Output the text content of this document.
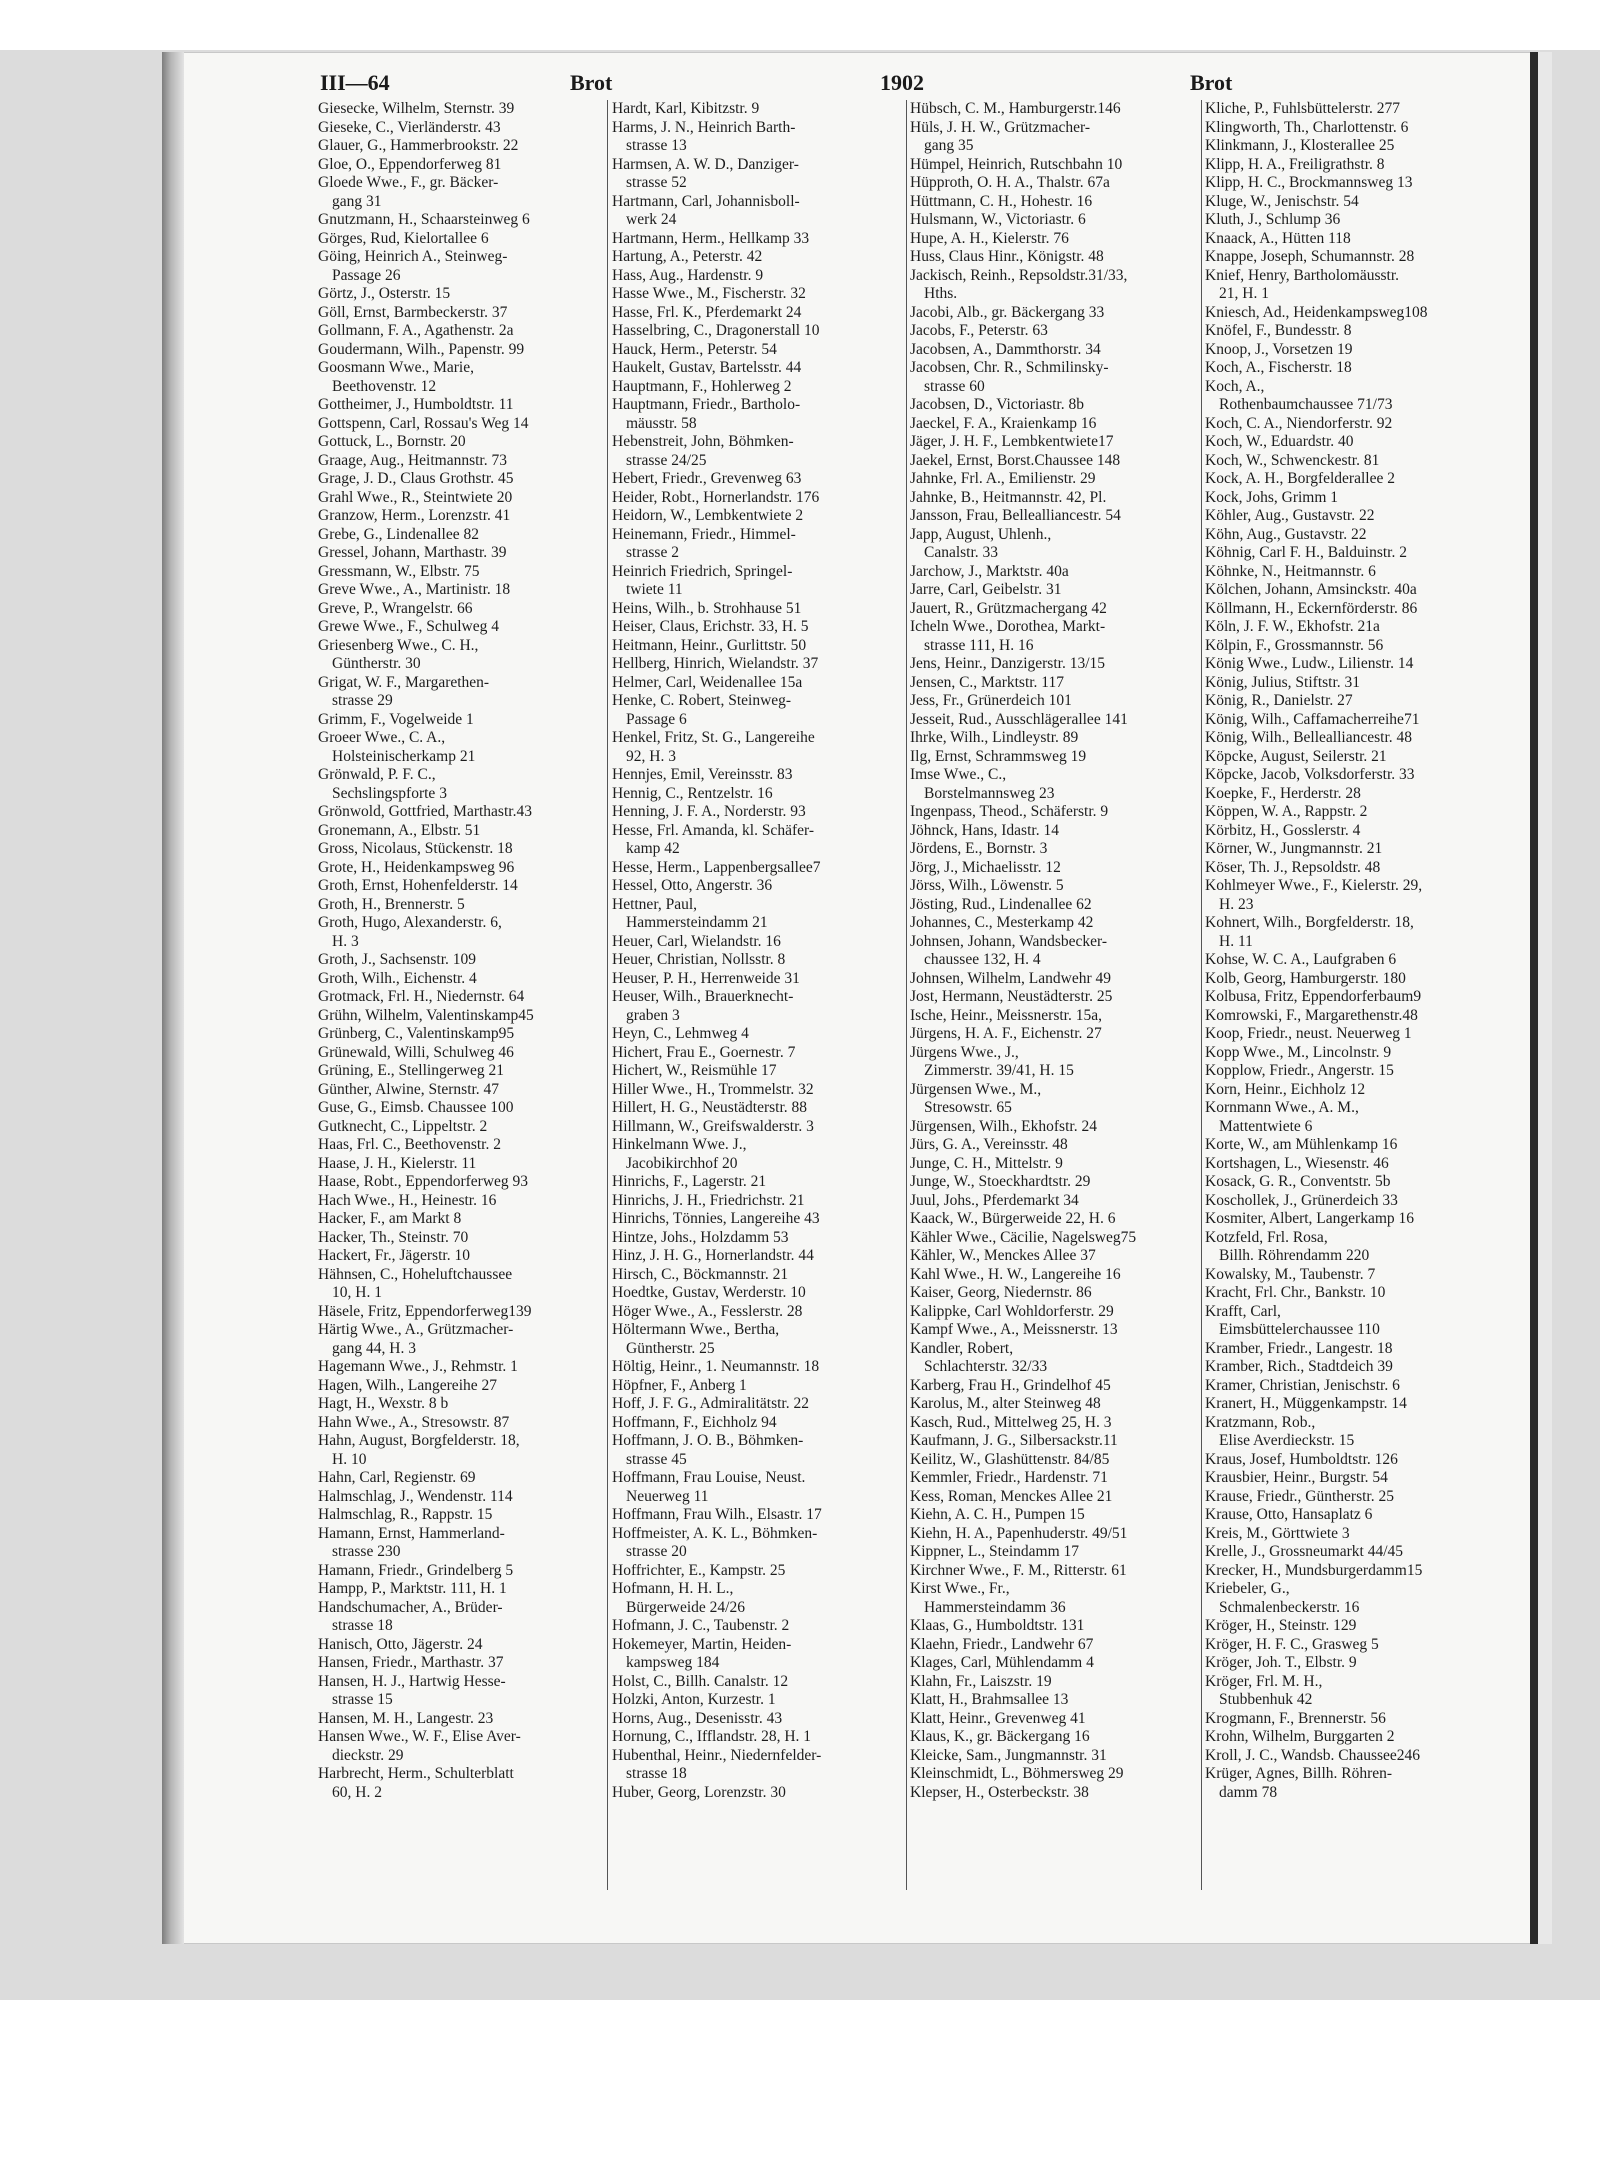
III—64	Brot	1902	Brot
Giesecke, Wilhelm, Sternstr. 39
Gieseke, C., Vierländerstr. 43
Glauer, G., Hammerbrookstr. 22
Gloe, O., Eppendorferweg 81
Gloede Wwe., F., gr. Bäcker-
gang 31
Gnutzmann, H., Schaarsteinweg 6
Görges, Rud, Kielortallee 6
Göing, Heinrich A., Steinweg-
Passage 26
Görtz, J., Osterstr. 15
Göll, Ernst, Barmbeckerstr. 37
Gollmann, F. A., Agathenstr. 2a
Goudermann, Wilh., Papenstr. 99
Goosmann Wwe., Marie,
Beethovenstr. 12
Gottheimer, J., Humboldtstr. 11
Gottspenn, Carl, Rossau's Weg 14
Gottuck, L., Bornstr. 20
Graage, Aug., Heitmannstr. 73
Grage, J. D., Claus Grothstr. 45
Grahl Wwe., R., Steintwiete 20
Granzow, Herm., Lorenzstr. 41
Grebe, G., Lindenallee 82
Gressel, Johann, Marthastr. 39
Gressmann, W., Elbstr. 75
Greve Wwe., A., Martinistr. 18
Greve, P., Wrangelstr. 66
Grewe Wwe., F., Schulweg 4
Griesenberg Wwe., C. H.,
Güntherstr. 30
Grigat, W. F., Margarethen-
strasse 29
Grimm, F., Vogelweide 1
Groeer Wwe., C. A.,
Holsteinischerkamp 21
Grönwald, P. F. C.,
Sechslingspforte 3
Grönwold, Gottfried, Marthastr.43
Gronemann, A., Elbstr. 51
Gross, Nicolaus, Stückenstr. 18
Grote, H., Heidenkampsweg 96
Groth, Ernst, Hohenfelderstr. 14
Groth, H., Brennerstr. 5
Groth, Hugo, Alexanderstr. 6,
H. 3
Groth, J., Sachsenstr. 109
Groth, Wilh., Eichenstr. 4
Grotmack, Frl. H., Niedernstr. 64
Grühn, Wilhelm, Valentinskamp45
Grünberg, C., Valentinskamp95
Grünewald, Willi, Schulweg 46
Grüning, E., Stellingerweg 21
Günther, Alwine, Sternstr. 47
Guse, G., Eimsb. Chaussee 100
Gutknecht, C., Lippeltstr. 2
Haas, Frl. C., Beethovenstr. 2
Haase, J. H., Kielerstr. 11
Haase, Robt., Eppendorferweg 93
Hach Wwe., H., Heinestr. 16
Hacker, F., am Markt 8
Hacker, Th., Steinstr. 70
Hackert, Fr., Jägerstr. 10
Hähnsen, C., Hoheluftchaussee
10, H. 1
Häsele, Fritz, Eppendorferweg139
Härtig Wwe., A., Grützmacher-
gang 44, H. 3
Hagemann Wwe., J., Rehmstr. 1
Hagen, Wilh., Langereihe 27
Hagt, H., Wexstr. 8 b
Hahn Wwe., A., Stresowstr. 87
Hahn, August, Borgfelderstr. 18,
H. 10
Hahn, Carl, Regienstr. 69
Halmschlag, J., Wendenstr. 114
Halmschlag, R., Rappstr. 15
Hamann, Ernst, Hammerland-
strasse 230
Hamann, Friedr., Grindelberg 5
Hampp, P., Marktstr. 111, H. 1
Handschumacher, A., Brüder-
strasse 18
Hanisch, Otto, Jägerstr. 24
Hansen, Friedr., Marthastr. 37
Hansen, H. J., Hartwig Hesse-
strasse 15
Hansen, M. H., Langestr. 23
Hansen Wwe., W. F., Elise Aver-
dieckstr. 29
Harbrecht, Herm., Schulterblatt
60, H. 2
Hardt, Karl, Kibitzstr. 9
Harms, J. N., Heinrich Barth-
strasse 13
Harmsen, A. W. D., Danziger-
strasse 52
Hartmann, Carl, Johannisboll-
werk 24
Hartmann, Herm., Hellkamp 33
Hartung, A., Peterstr. 42
Hass, Aug., Hardenstr. 9
Hasse Wwe., M., Fischerstr. 32
Hasse, Frl. K., Pferdemarkt 24
Hasselbring, C., Dragonerstall 10
Hauck, Herm., Peterstr. 54
Haukelt, Gustav, Bartelsstr. 44
Hauptmann, F., Hohlerweg 2
Hauptmann, Friedr., Bartholo-
mäusstr. 58
Hebenstreit, John, Böhmken-
strasse 24/25
Hebert, Friedr., Grevenweg 63
Heider, Robt., Hornerlandstr. 176
Heidorn, W., Lembkentwiete 2
Heinemann, Friedr., Himmel-
strasse 2
Heinrich Friedrich, Springel-
twiete 11
Heins, Wilh., b. Strohhause 51
Heiser, Claus, Erichstr. 33, H. 5
Heitmann, Heinr., Gurlittstr. 50
Hellberg, Hinrich, Wielandstr. 37
Helmer, Carl, Weidenallee 15a
Henke, C. Robert, Steinweg-
Passage 6
Henkel, Fritz, St. G., Langereihe
92, H. 3
Hennjes, Emil, Vereinsstr. 83
Hennig, C., Rentzelstr. 16
Henning, J. F. A., Norderstr. 93
Hesse, Frl. Amanda, kl. Schäfer-
kamp 42
Hesse, Herm., Lappenbergsallee7
Hessel, Otto, Angerstr. 36
Hettner, Paul,
Hammersteindamm 21
Heuer, Carl, Wielandstr. 16
Heuer, Christian, Nollsstr. 8
Heuser, P. H., Herrenweide 31
Heuser, Wilh., Brauerknecht-
graben 3
Heyn, C., Lehmweg 4
Hichert, Frau E., Goernestr. 7
Hichert, W., Reismühle 17
Hiller Wwe., H., Trommelstr. 32
Hillert, H. G., Neustädterstr. 88
Hillmann, W., Greifswalderstr. 3
Hinkelmann Wwe. J.,
Jacobikirchhof 20
Hinrichs, F., Lagerstr. 21
Hinrichs, J. H., Friedrichstr. 21
Hinrichs, Tönnies, Langereihe 43
Hintze, Johs., Holzdamm 53
Hinz, J. H. G., Hornerlandstr. 44
Hirsch, C., Böckmannstr. 21
Hoedtke, Gustav, Werderstr. 10
Höger Wwe., A., Fesslerstr. 28
Höltermann Wwe., Bertha,
Güntherstr. 25
Höltig, Heinr., 1. Neumannstr. 18
Höpfner, F., Anberg 1
Hoff, J. F. G., Admiralitätstr. 22
Hoffmann, F., Eichholz 94
Hoffmann, J. O. B., Böhmken-
strasse 45
Hoffmann, Frau Louise, Neust.
Neuerweg 11
Hoffmann, Frau Wilh., Elsastr. 17
Hoffmeister, A. K. L., Böhmken-
strasse 20
Hoffrichter, E., Kampstr. 25
Hofmann, H. H. L.,
Bürgerweide 24/26
Hofmann, J. C., Taubenstr. 2
Hokemeyer, Martin, Heiden-
kampsweg 184
Holst, C., Billh. Canalstr. 12
Holzki, Anton, Kurzestr. 1
Horns, Aug., Desenisstr. 43
Hornung, C., Ifflandstr. 28, H. 1
Hubenthal, Heinr., Niedernfelder-
strasse 18
Huber, Georg, Lorenzstr. 30
Hübsch, C. M., Hamburgerstr.146
Hüls, J. H. W., Grützmacher-
gang 35
Hümpel, Heinrich, Rutschbahn 10
Hüpproth, O. H. A., Thalstr. 67a
Hüttmann, C. H., Hohestr. 16
Hulsmann, W., Victoriastr. 6
Hupe, A. H., Kielerstr. 76
Huss, Claus Hinr., Königstr. 48
Jackisch, Reinh., Repsoldstr.31/33,
Hths.
Jacobi, Alb., gr. Bäckergang 33
Jacobs, F., Peterstr. 63
Jacobsen, A., Dammthorstr. 34
Jacobsen, Chr. R., Schmilinsky-
strasse 60
Jacobsen, D., Victoriastr. 8b
Jaeckel, F. A., Kraienkamp 16
Jäger, J. H. F., Lembkentwiete17
Jaekel, Ernst, Borst.Chaussee 148
Jahnke, Frl. A., Emilienstr. 29
Jahnke, B., Heitmannstr. 42, Pl.
Jansson, Frau, Bellealliancestr. 54
Japp, August, Uhlenh.,
Canalstr. 33
Jarchow, J., Marktstr. 40a
Jarre, Carl, Geibelstr. 31
Jauert, R., Grützmachergang 42
Icheln Wwe., Dorothea, Markt-
strasse 111, H. 16
Jens, Heinr., Danzigerstr. 13/15
Jensen, C., Marktstr. 117
Jess, Fr., Grünerdeich 101
Jesseit, Rud., Ausschlägerallee 141
Ihrke, Wilh., Lindleystr. 89
Ilg, Ernst, Schrammsweg 19
Imse Wwe., C.,
Borstelmannsweg 23
Ingenpass, Theod., Schäferstr. 9
Jöhnck, Hans, Idastr. 14
Jördens, E., Bornstr. 3
Jörg, J., Michaelisstr. 12
Jörss, Wilh., Löwenstr. 5
Jösting, Rud., Lindenallee 62
Johannes, C., Mesterkamp 42
Johnsen, Johann, Wandsbecker-
chaussee 132, H. 4
Johnsen, Wilhelm, Landwehr 49
Jost, Hermann, Neustädterstr. 25
Ische, Heinr., Meissnerstr. 15a,
Jürgens, H. A. F., Eichenstr. 27
Jürgens Wwe., J.,
Zimmerstr. 39/41, H. 15
Jürgensen Wwe., M.,
Stresowstr. 65
Jürgensen, Wilh., Ekhofstr. 24
Jürs, G. A., Vereinsstr. 48
Junge, C. H., Mittelstr. 9
Junge, W., Stoeckhardtstr. 29
Juul, Johs., Pferdemarkt 34
Kaack, W., Bürgerweide 22, H. 6
Kähler Wwe., Cäcilie, Nagelsweg75
Kähler, W., Menckes Allee 37
Kahl Wwe., H. W., Langereihe 16
Kaiser, Georg, Niedernstr. 86
Kalippke, Carl Wohldorferstr. 29
Kampf Wwe., A., Meissnerstr. 13
Kandler, Robert,
Schlachterstr. 32/33
Karberg, Frau H., Grindelhof 45
Karolus, M., alter Steinweg 48
Kasch, Rud., Mittelweg 25, H. 3
Kaufmann, J. G., Silbersackstr.11
Keilitz, W., Glashüttenstr. 84/85
Kemmler, Friedr., Hardenstr. 71
Kess, Roman, Menckes Allee 21
Kiehn, A. C. H., Pumpen 15
Kiehn, H. A., Papenhuderstr. 49/51
Kippner, L., Steindamm 17
Kirchner Wwe., F. M., Ritterstr. 61
Kirst Wwe., Fr.,
Hammersteindamm 36
Klaas, G., Humboldtstr. 131
Klaehn, Friedr., Landwehr 67
Klages, Carl, Mühlendamm 4
Klahn, Fr., Laiszstr. 19
Klatt, H., Brahmsallee 13
Klatt, Heinr., Grevenweg 41
Klaus, K., gr. Bäckergang 16
Kleicke, Sam., Jungmannstr. 31
Kleinschmidt, L., Böhmersweg 29
Klepser, H., Osterbeckstr. 38
Kliche, P., Fuhlsbüttelerstr. 277
Klingworth, Th., Charlottenstr. 6
Klinkmann, J., Klosterallee 25
Klipp, H. A., Freiligrathstr. 8
Klipp, H. C., Brockmannsweg 13
Kluge, W., Jenischstr. 54
Kluth, J., Schlump 36
Knaack, A., Hütten 118
Knappe, Joseph, Schumannstr. 28
Knief, Henry, Bartholomäusstr.
21, H. 1
Kniesch, Ad., Heidenkampsweg108
Knöfel, F., Bundesstr. 8
Knoop, J., Vorsetzen 19
Koch, A., Fischerstr. 18
Koch, A.,
Rothenbaumchaussee 71/73
Koch, C. A., Niendorferstr. 92
Koch, W., Eduardstr. 40
Koch, W., Schwenckestr. 81
Kock, A. H., Borgfelderallee 2
Kock, Johs, Grimm 1
Köhler, Aug., Gustavstr. 22
Köhn, Aug., Gustavstr. 22
Köhnig, Carl F. H., Balduinstr. 2
Köhnke, N., Heitmannstr. 6
Kölchen, Johann, Amsinckstr. 40a
Köllmann, H., Eckernförderstr. 86
Köln, J. F. W., Ekhofstr. 21a
Kölpin, F., Grossmannstr. 56
König Wwe., Ludw., Lilienstr. 14
König, Julius, Stiftstr. 31
König, R., Danielstr. 27
König, Wilh., Caffamacherreihe71
König, Wilh., Bellealliancestr. 48
Köpcke, August, Seilerstr. 21
Köpcke, Jacob, Volksdorferstr. 33
Koepke, F., Herderstr. 28
Köppen, W. A., Rappstr. 2
Körbitz, H., Gosslerstr. 4
Körner, W., Jungmannstr. 21
Köser, Th. J., Repsoldstr. 48
Kohlmeyer Wwe., F., Kielerstr. 29,
H. 23
Kohnert, Wilh., Borgfelderstr. 18,
H. 11
Kohse, W. C. A., Laufgraben 6
Kolb, Georg, Hamburgerstr. 180
Kolbusa, Fritz, Eppendorferbaum9
Komrowski, F., Margarethenstr.48
Koop, Friedr., neust. Neuerweg 1
Kopp Wwe., M., Lincolnstr. 9
Kopplow, Friedr., Angerstr. 15
Korn, Heinr., Eichholz 12
Kornmann Wwe., A. M.,
Mattentwiete 6
Korte, W., am Mühlenkamp 16
Kortshagen, L., Wiesenstr. 46
Kosack, G. R., Conventstr. 5b
Koschollek, J., Grünerdeich 33
Kosmiter, Albert, Langerkamp 16
Kotzfeld, Frl. Rosa,
Billh. Röhrendamm 220
Kowalsky, M., Taubenstr. 7
Kracht, Frl. Chr., Bankstr. 10
Krafft, Carl,
Eimsbüttelerchaussee 110
Kramber, Friedr., Langestr. 18
Kramber, Rich., Stadtdeich 39
Kramer, Christian, Jenischstr. 6
Kranert, H., Müggenkampstr. 14
Kratzmann, Rob.,
Elise Averdieckstr. 15
Kraus, Josef, Humboldtstr. 126
Krausbier, Heinr., Burgstr. 54
Krause, Friedr., Güntherstr. 25
Krause, Otto, Hansaplatz 6
Kreis, M., Görttwiete 3
Krelle, J., Grossneumarkt 44/45
Krecker, H., Mundsburgerdamm15
Kriebeler, G.,
Schmalenbeckerstr. 16
Kröger, H., Steinstr. 129
Kröger, H. F. C., Grasweg 5
Kröger, Joh. T., Elbstr. 9
Kröger, Frl. M. H.,
Stubbenhuk 42
Krogmann, F., Brennerstr. 56
Krohn, Wilhelm, Burggarten 2
Kroll, J. C., Wandsb. Chaussee246
Krüger, Agnes, Billh. Röhren-
damm 78
